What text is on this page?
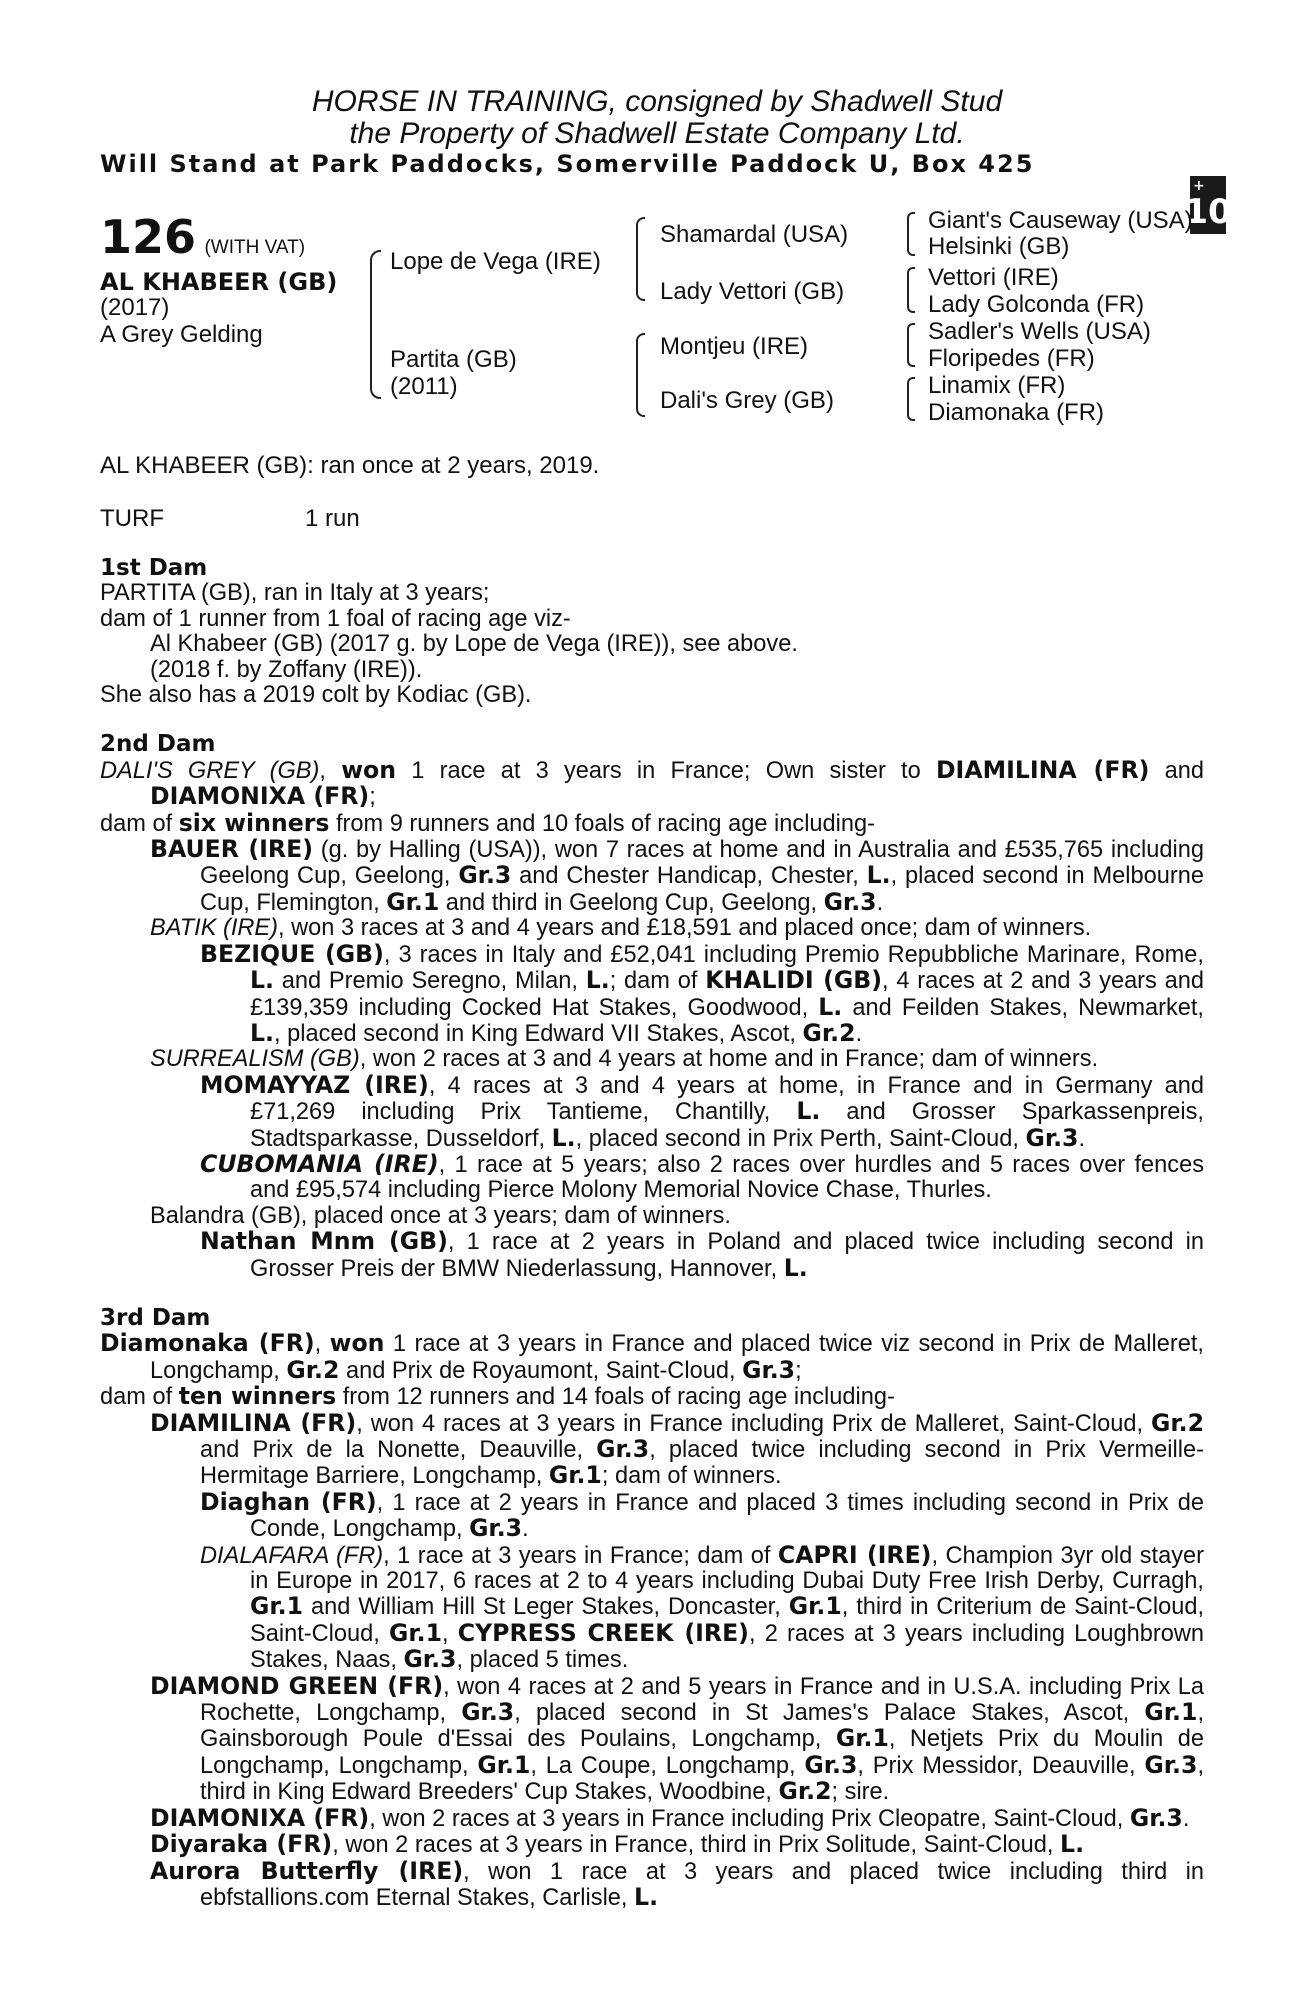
HORSE IN TRAINING, consigned by Shadwell Stud
the Property of Shadwell Estate Company Ltd.
Will Stand at Park Paddocks, Somerville Paddock U, Box 425
+
10
126 (WITH VAT)
AL KHABEER (GB)
(2017)
A Grey Gelding
Lope de Vega (IRE)
Partita (GB)
(2011)
Shamardal (USA)
Lady Vettori (GB)
Montjeu (IRE)
Dali's Grey (GB)
Giant's Causeway (USA)
Helsinki (GB)
Vettori (IRE)
Lady Golconda (FR)
Sadler's Wells (USA)
Floripedes (FR)
Linamix (FR)
Diamonaka (FR)
AL KHABEER (GB): ran once at 2 years, 2019.
TURF	1 run
1st Dam
PARTITA (GB), ran in Italy at 3 years;
dam of 1 runner from 1 foal of racing age viz-
Al Khabeer (GB) (2017 g. by Lope de Vega (IRE)), see above.
(2018 f. by Zoffany (IRE)).
She also has a 2019 colt by Kodiac (GB).
2nd Dam
DALI'S GREY (GB), won 1 race at 3 years in France; Own sister to DIAMILINA (FR) and DIAMONIXA (FR);
dam of six winners from 9 runners and 10 foals of racing age including-
BAUER (IRE) (g. by Halling (USA)), won 7 races at home and in Australia and £535,765 including Geelong Cup, Geelong, Gr.3 and Chester Handicap, Chester, L., placed second in Melbourne Cup, Flemington, Gr.1 and third in Geelong Cup, Geelong, Gr.3.
BATIK (IRE), won 3 races at 3 and 4 years and £18,591 and placed once; dam of winners.
BEZIQUE (GB), 3 races in Italy and £52,041 including Premio Repubbliche Marinare, Rome, L. and Premio Seregno, Milan, L.; dam of KHALIDI (GB), 4 races at 2 and 3 years and £139,359 including Cocked Hat Stakes, Goodwood, L. and Feilden Stakes, Newmarket, L., placed second in King Edward VII Stakes, Ascot, Gr.2.
SURREALISM (GB), won 2 races at 3 and 4 years at home and in France; dam of winners.
MOMAYYAZ (IRE), 4 races at 3 and 4 years at home, in France and in Germany and £71,269 including Prix Tantieme, Chantilly, L. and Grosser Sparkassenpreis, Stadtsparkasse, Dusseldorf, L., placed second in Prix Perth, Saint-Cloud, Gr.3.
CUBOMANIA (IRE), 1 race at 5 years; also 2 races over hurdles and 5 races over fences and £95,574 including Pierce Molony Memorial Novice Chase, Thurles.
Balandra (GB), placed once at 3 years; dam of winners.
Nathan Mnm (GB), 1 race at 2 years in Poland and placed twice including second in Grosser Preis der BMW Niederlassung, Hannover, L.
3rd Dam
Diamonaka (FR), won 1 race at 3 years in France and placed twice viz second in Prix de Malleret, Longchamp, Gr.2 and Prix de Royaumont, Saint-Cloud, Gr.3;
dam of ten winners from 12 runners and 14 foals of racing age including-
DIAMILINA (FR), won 4 races at 3 years in France including Prix de Malleret, Saint-Cloud, Gr.2 and Prix de la Nonette, Deauville, Gr.3, placed twice including second in Prix Vermeille-Hermitage Barriere, Longchamp, Gr.1; dam of winners.
Diaghan (FR), 1 race at 2 years in France and placed 3 times including second in Prix de Conde, Longchamp, Gr.3.
DIALAFARA (FR), 1 race at 3 years in France; dam of CAPRI (IRE), Champion 3yr old stayer in Europe in 2017, 6 races at 2 to 4 years including Dubai Duty Free Irish Derby, Curragh, Gr.1 and William Hill St Leger Stakes, Doncaster, Gr.1, third in Criterium de Saint-Cloud, Saint-Cloud, Gr.1, CYPRESS CREEK (IRE), 2 races at 3 years including Loughbrown Stakes, Naas, Gr.3, placed 5 times.
DIAMOND GREEN (FR), won 4 races at 2 and 5 years in France and in U.S.A. including Prix La Rochette, Longchamp, Gr.3, placed second in St James's Palace Stakes, Ascot, Gr.1, Gainsborough Poule d'Essai des Poulains, Longchamp, Gr.1, Netjets Prix du Moulin de Longchamp, Longchamp, Gr.1, La Coupe, Longchamp, Gr.3, Prix Messidor, Deauville, Gr.3, third in King Edward Breeders' Cup Stakes, Woodbine, Gr.2; sire.
DIAMONIXA (FR), won 2 races at 3 years in France including Prix Cleopatre, Saint-Cloud, Gr.3.
Diyaraka (FR), won 2 races at 3 years in France, third in Prix Solitude, Saint-Cloud, L.
Aurora Butterfly (IRE), won 1 race at 3 years and placed twice including third in ebfstallions.com Eternal Stakes, Carlisle, L.
